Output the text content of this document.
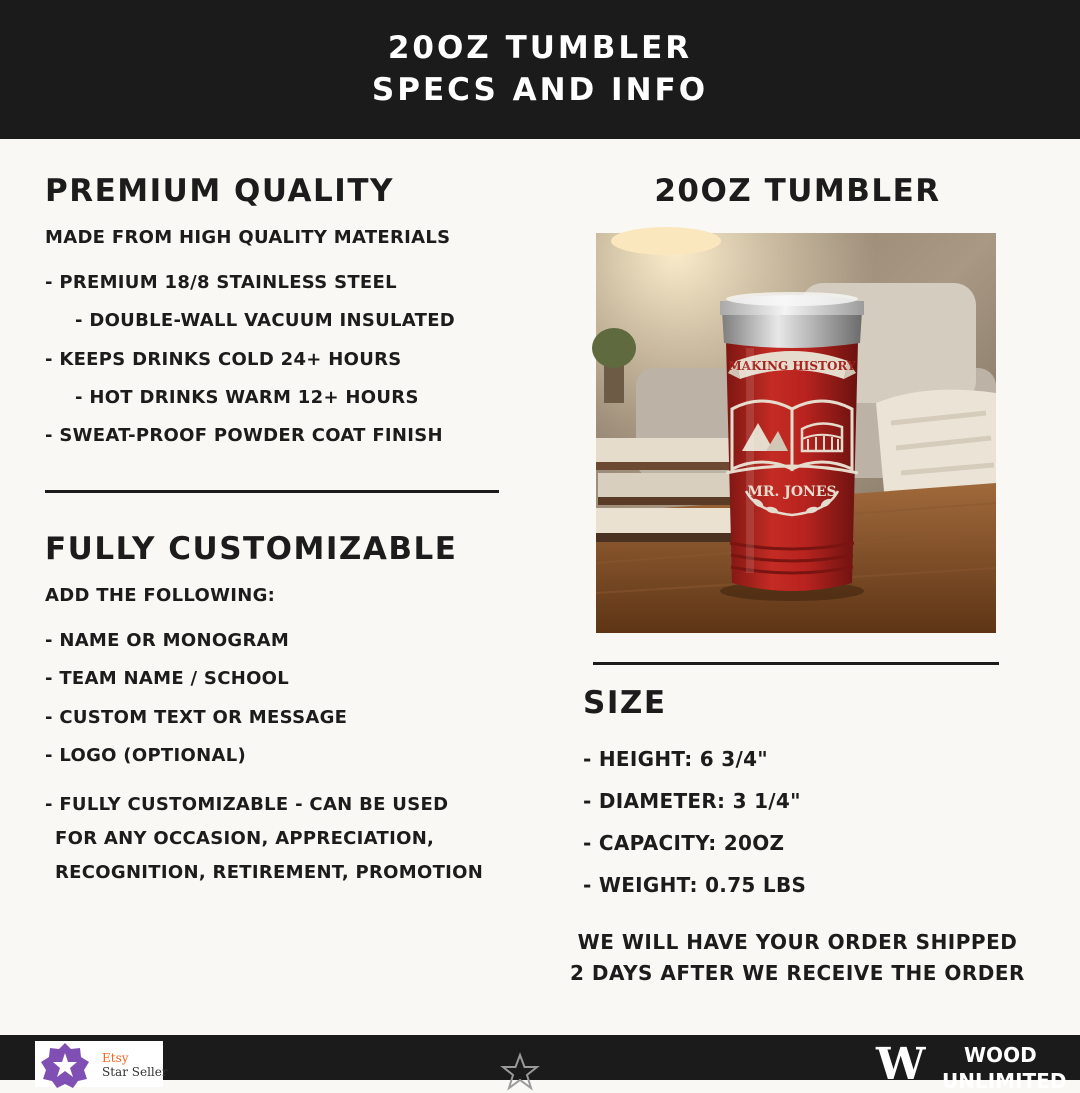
20OZ TUMBLER
SPECS AND INFO
PREMIUM QUALITY
MADE FROM HIGH QUALITY MATERIALS
- PREMIUM 18/8 STAINLESS STEEL
- DOUBLE-WALL VACUUM INSULATED
- KEEPS DRINKS COLD 24+ HOURS
- HOT DRINKS WARM 12+ HOURS
- SWEAT-PROOF POWDER COAT FINISH
FULLY CUSTOMIZABLE
ADD THE FOLLOWING:
- NAME OR MONOGRAM
- TEAM NAME / SCHOOL
- CUSTOM TEXT OR MESSAGE
- LOGO (OPTIONAL)
- FULLY CUSTOMIZABLE - CAN BE USED
FOR ANY OCCASION, APPRECIATION,
RECOGNITION, RETIREMENT, PROMOTION
20OZ TUMBLER
MAKING HISTORY
MR. JONES
SIZE
- HEIGHT: 6 3/4"
- DIAMETER: 3 1/4"
- CAPACITY: 20OZ
- WEIGHT: 0.75 LBS
WE WILL HAVE YOUR ORDER SHIPPED
2 DAYS AFTER WE RECEIVE THE ORDER
Etsy
Star Seller	W WOOD
UNLIMITED
